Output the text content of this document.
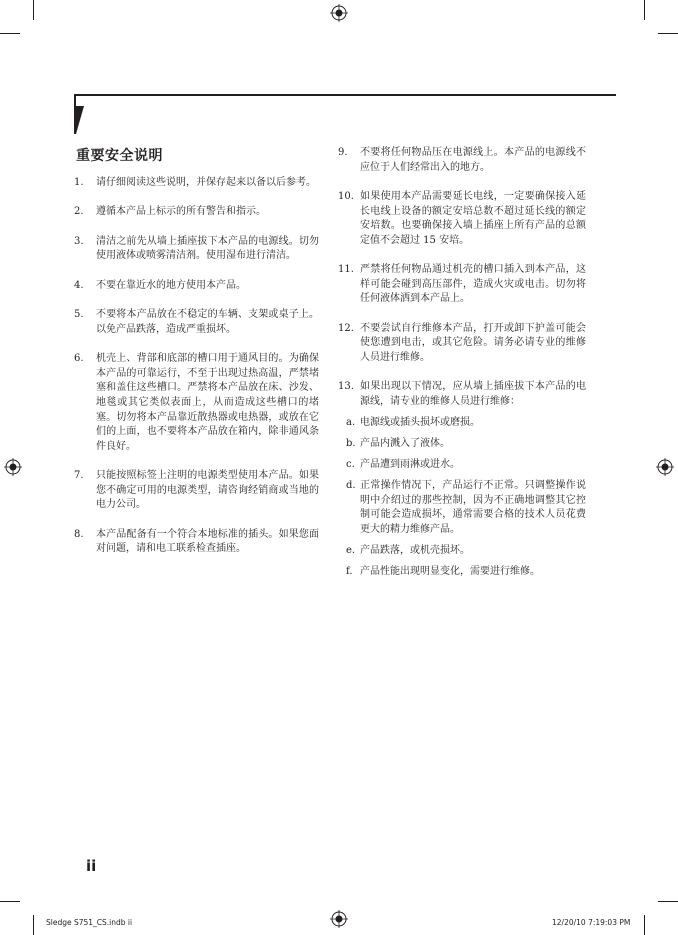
重要安全说明
1. 请仔细阅读这些说明，并保存起来以备以后参考。
2. 遵循本产品上标示的所有警告和指示。
3. 清洁之前先从墙上插座拔下本产品的电源线。切勿使用液体或喷雾清洁剂。使用湿布进行清洁。
4. 不要在靠近水的地方使用本产品。
5. 不要将本产品放在不稳定的车辆、支架或桌子上。以免产品跌落，造成严重损坏。
6. 机壳上、背部和底部的槽口用于通风目的。为确保本产品的可靠运行，不至于出现过热高温，严禁堵塞和盖住这些槽口。严禁将本产品放在床、沙发、地毯或其它类似表面上，从而造成这些槽口的堵塞。切勿将本产品靠近散热器或电热器，或放在它们的上面，也不要将本产品放在箱内，除非通风条件良好。
7. 只能按照标签上注明的电源类型使用本产品。如果您不确定可用的电源类型，请咨询经销商或当地的电力公司。
8. 本产品配备有一个符合本地标准的插头。如果您面对问题，请和电工联系检查插座。
9. 不要将任何物品压在电源线上。本产品的电源线不应位于人们经常出入的地方。
10. 如果使用本产品需要延长电线，一定要确保接入延长电线上设备的额定安培总数不超过延长线的额定安培数。也要确保接入墙上插座上所有产品的总额定值不会超过 15 安培。
11. 严禁将任何物品通过机壳的槽口插入到本产品，这样可能会碰到高压部件，造成火灾或电击。切勿将任何液体洒到本产品上。
12. 不要尝试自行维修本产品，打开或卸下护盖可能会使您遭到电击，或其它危险。请务必请专业的维修人员进行维修。
13. 如果出现以下情况，应从墙上插座拔下本产品的电源线，请专业的维修人员进行维修：
a. 电源线或插头损坏或磨损。
b. 产品内溅入了液体。
c. 产品遭到雨淋或进水。
d. 正常操作情况下，产品运行不正常。只调整操作说明中介绍过的那些控制，因为不正确地调整其它控制可能会造成损坏，通常需要合格的技术人员花费更大的精力维修产品。
e. 产品跌落，或机壳损坏。
f. 产品性能出现明显变化，需要进行维修。
ii
Sledge S751_CS.indb ii	12/20/10 7:19:03 PM
